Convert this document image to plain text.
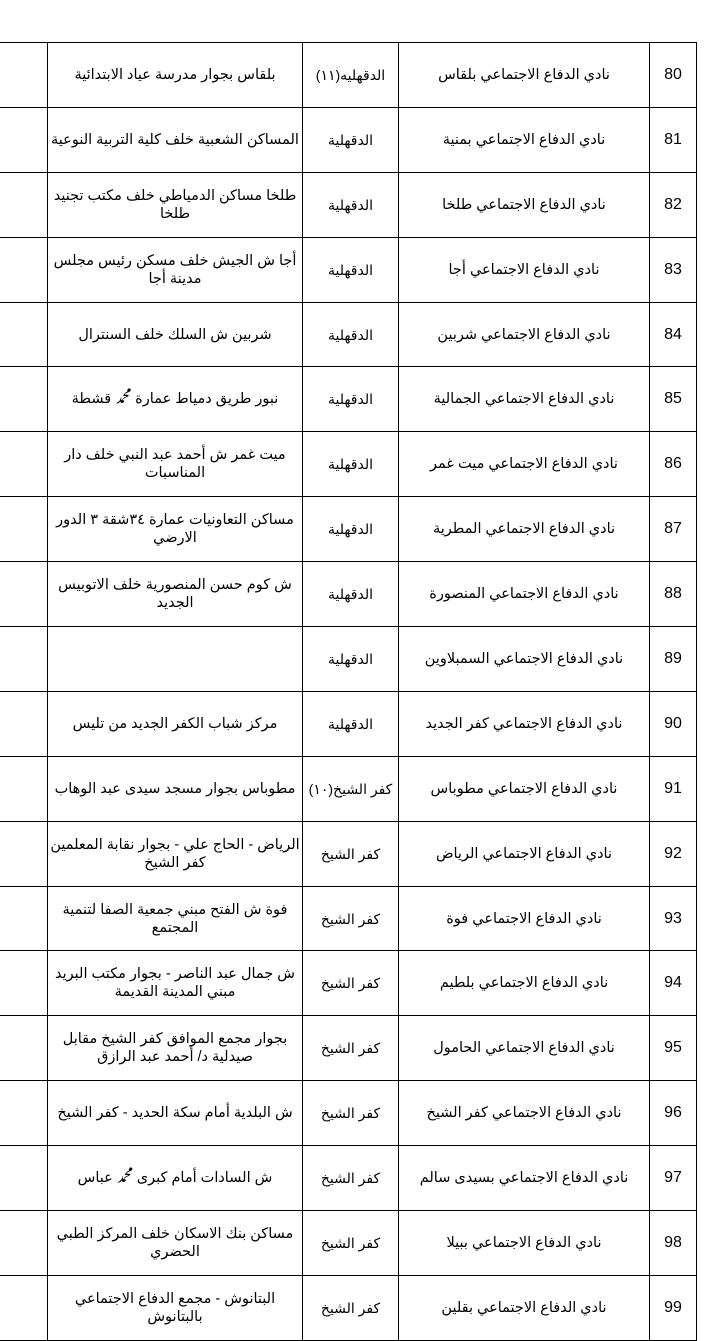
80	نادي الدفاع الاجتماعي بلقاس	الدقهليه(١١)	بلقاس بجوار مدرسة عياد الابتدائية	
81	نادي الدفاع الاجتماعي بمنية	الدقهلية	المساكن الشعبية خلف كلية التربية النوعية	
82	نادي الدفاع الاجتماعي طلخا	الدقهلية	طلخا مساكن الدمياطي خلف مكتب تجنيد طلخا	
83	نادي الدفاع الاجتماعي أجا	الدقهلية	أجا ش الجيش خلف مسكن رئيس مجلس مدينة أجا	
84	نادي الدفاع الاجتماعي شربين	الدقهلية	شربين ش السلك خلف السنترال	
85	نادي الدفاع الاجتماعي الجمالية	الدقهلية	نبور طريق دمياط عمارة ﷴ قشطة	
86	نادي الدفاع الاجتماعي ميت غمر	الدقهلية	ميت غمر ش أحمد عبد النبي خلف دار المناسبات	
87	نادي الدفاع الاجتماعي المطرية	الدقهلية	مساكن التعاونيات عمارة ٣٤شقة ٣ الدور الارضي	
88	نادي الدفاع الاجتماعي المنصورة	الدقهلية	ش كوم حسن المنصورية خلف الاتوبيس الجديد	
89	نادي الدفاع الاجتماعي السمبلاوين	الدقهلية		
90	نادي الدفاع الاجتماعي كفر الجديد	الدقهلية	مركز شباب الكفر الجديد من تليس	
91	نادي الدفاع الاجتماعي مطوباس	كفر الشيخ(١٠)	مطوباس بجوار مسجد سيدى عبد الوهاب	
92	نادي الدفاع الاجتماعي الرياض	كفر الشيخ	الرياض - الحاج علي - بجوار نقابة المعلمين كفر الشيخ	
93	نادي الدفاع الاجتماعي فوة	كفر الشيخ	فوة ش الفتح مبني جمعية الصفا لتنمية المجتمع	
94	نادي الدفاع الاجتماعي بلطيم	كفر الشيخ	ش جمال عبد الناصر - بجوار مكتب البريد مبني المدينة القديمة	
95	نادي الدفاع الاجتماعي الحامول	كفر الشيخ	بجوار مجمع الموافق كفر الشيخ مقابل صيدلية د/ أحمد عبد الرازق	
96	نادي الدفاع الاجتماعي كفر الشيخ	كفر الشيخ	ش البلدية أمام سكة الحديد - كفر الشيخ	
97	نادي الدفاع الاجتماعي بسيدى سالم	كفر الشيخ	ش السادات أمام كبرى ﷴ عباس	
98	نادي الدفاع الاجتماعي ببيلا	كفر الشيخ	مساكن بنك الاسكان خلف المركز الطبي الحضري	
99	نادي الدفاع الاجتماعي بقلين	كفر الشيخ	البتانوش - مجمع الدفاع الاجتماعي بالبتانوش	
